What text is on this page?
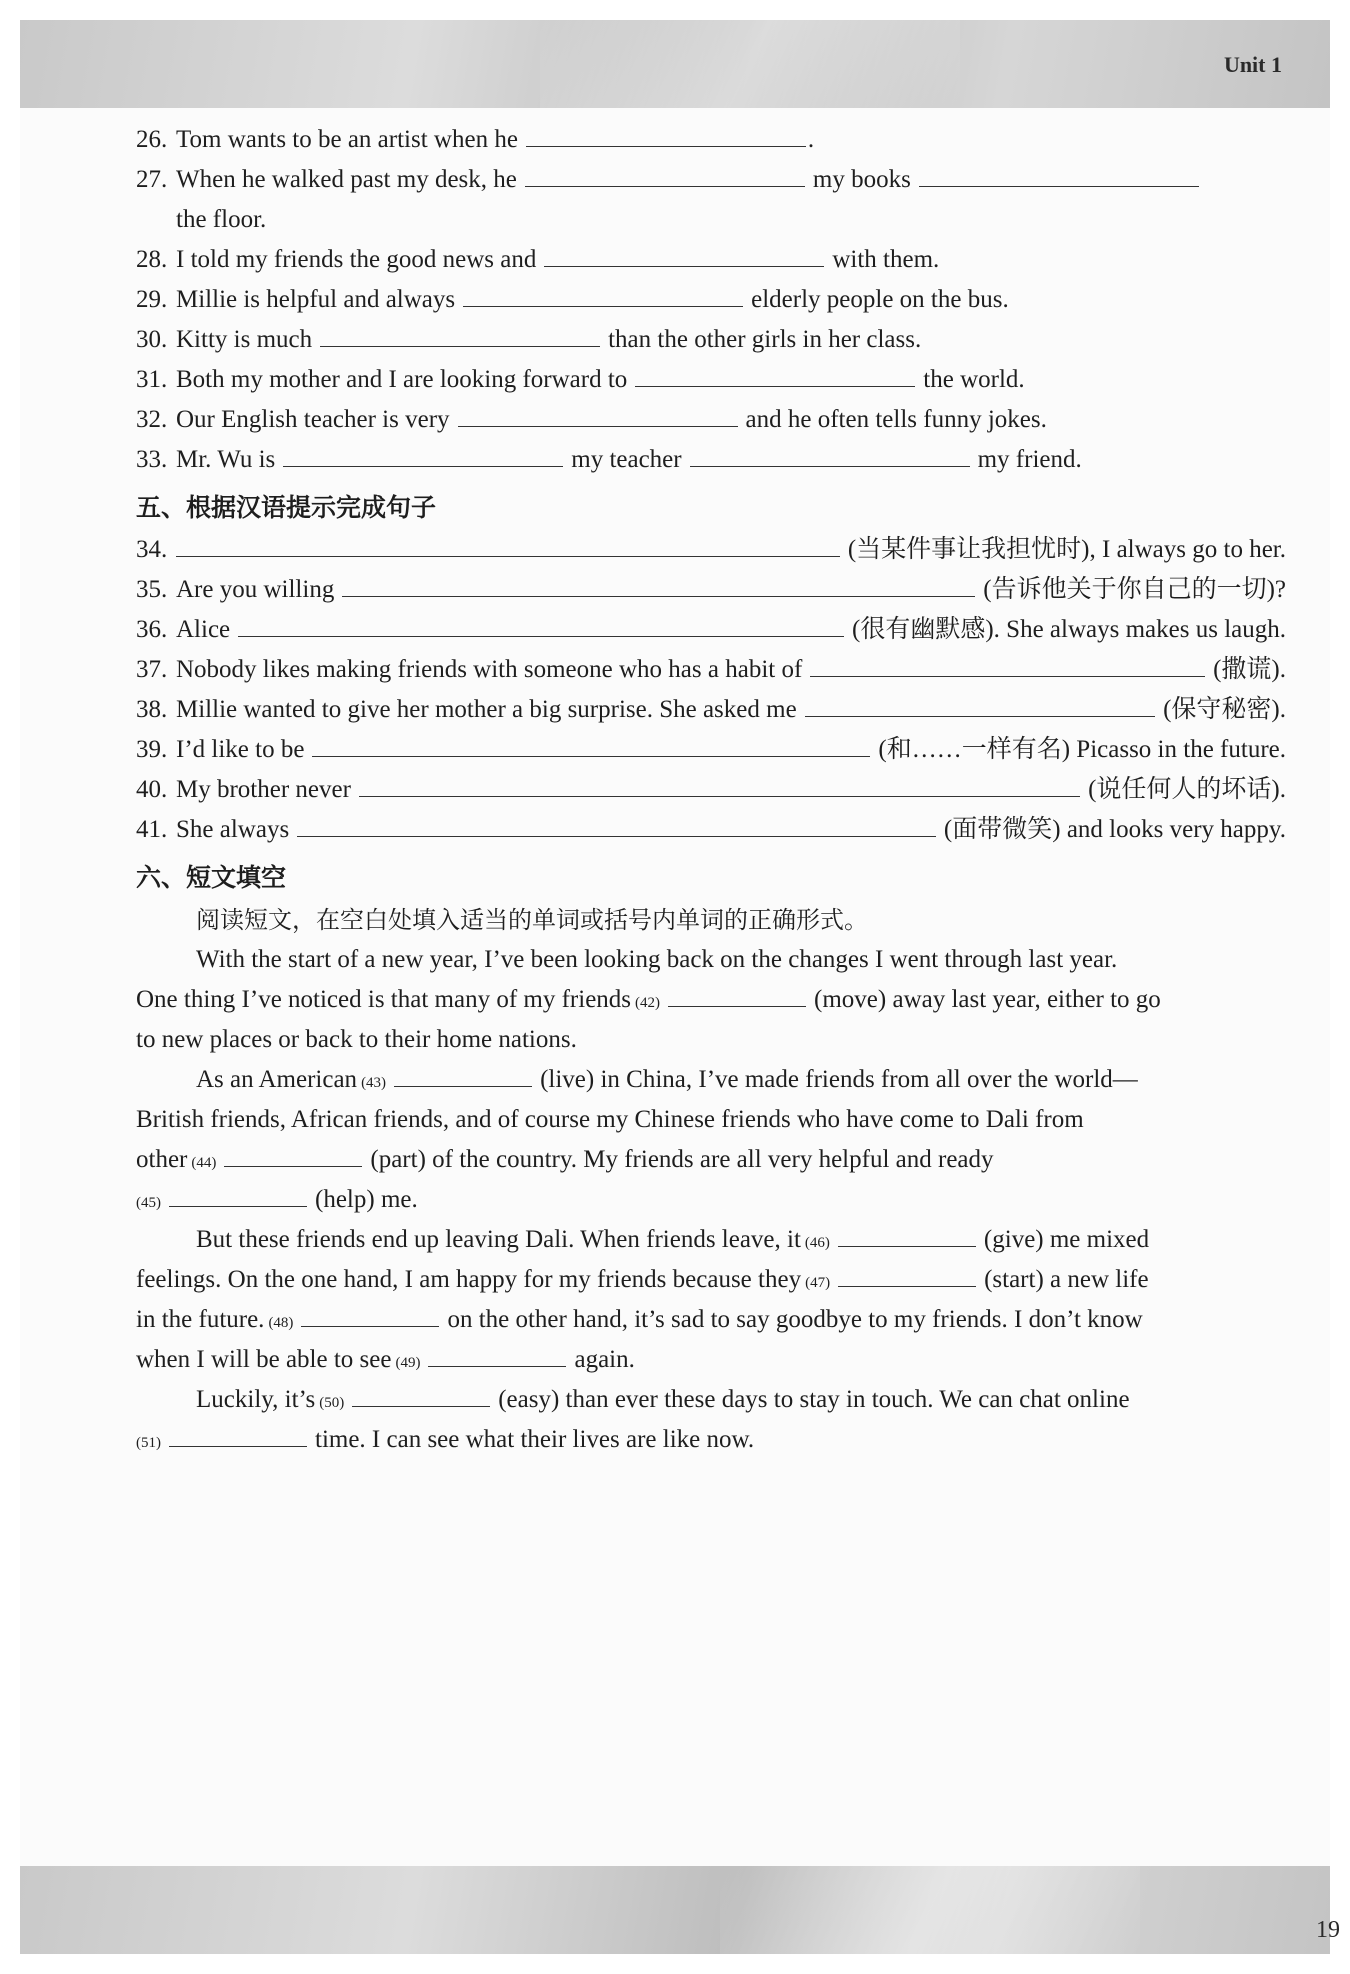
Unit 1
19
26. Tom wants to be an artist when he	.
27. When he walked past my desk, he	my books
the floor.
28. I told my friends the good news and	with them.
29. Millie is helpful and always	elderly people on the bus.
30. Kitty is much	than the other girls in her class.
31. Both my mother and I are looking forward to	the world.
32. Our English teacher is very	and he often tells funny jokes.
33. Mr. Wu is	my teacher	my friend.
五、根据汉语提示完成句子
34.	(当某件事让我担忧时), I always go to her.
35. Are you willing	(告诉他关于你自己的一切)?
36. Alice	(很有幽默感). She always makes us laugh.
37. Nobody likes making friends with someone who has a habit of	(撒谎).
38. Millie wanted to give her mother a big surprise. She asked me	(保守秘密).
39. I’d like to be	(和……一样有名) Picasso in the future.
40. My brother never	(说任何人的坏话).
41. She always	(面带微笑) and looks very happy.
六、短文填空
阅读短文，在空白处填入适当的单词或括号内单词的正确形式。
With the start of a new year, I’ve been looking back on the changes I went through last year.
One thing I’ve noticed is that many of my friends (42)	(move) away last year, either to go
to new places or back to their home nations.
As an American (43)	(live) in China, I’ve made friends from all over the world—
British friends, African friends, and of course my Chinese friends who have come to Dali from
other (44)	(part) of the country. My friends are all very helpful and ready
(45)	(help) me.
But these friends end up leaving Dali. When friends leave, it (46)	(give) me mixed
feelings. On the one hand, I am happy for my friends because they (47)	(start) a new life
in the future. (48)	on the other hand, it’s sad to say goodbye to my friends. I don’t know
when I will be able to see (49)	again.
Luckily, it’s (50)	(easy) than ever these days to stay in touch. We can chat online
(51)	time. I can see what their lives are like now.
